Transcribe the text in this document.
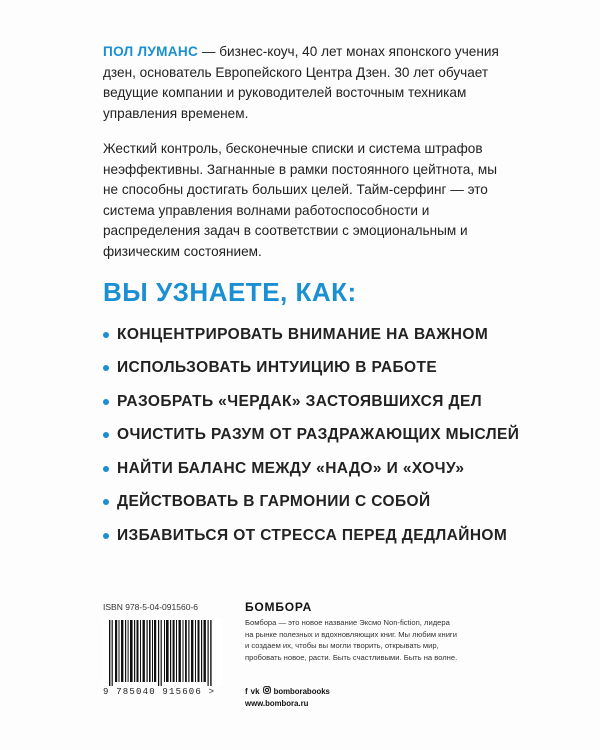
ПОЛ ЛУМАНС — бизнес-коуч, 40 лет монах японского учения дзен, основатель Европейского Центра Дзен. 30 лет обучает ведущие компании и руководителей восточным техникам управления временем.

Жесткий контроль, бесконечные списки и система штрафов неэффективны. Загнанные в рамки постоянного цейтнота, мы не способны достигать больших целей. Тайм-серфинг — это система управления волнами работоспособности и распределения задач в соответствии с эмоциональным и физическим состоянием.

ВЫ УЗНАЕТЕ, КАК:
КОНЦЕНТРИРОВАТЬ ВНИМАНИЕ НА ВАЖНОМ
ИСПОЛЬЗОВАТЬ ИНТУИЦИЮ В РАБОТЕ
РАЗОБРАТЬ «ЧЕРДАК» ЗАСТОЯВШИХСЯ ДЕЛ
ОЧИСТИТЬ РАЗУМ ОТ РАЗДРАЖАЮЩИХ МЫСЛЕЙ
НАЙТИ БАЛАНС МЕЖДУ «НАДО» И «ХОЧУ»
ДЕЙСТВОВАТЬ В ГАРМОНИИ С СОБОЙ
ИЗБАВИТЬСЯ ОТ СТРЕССА ПЕРЕД ДЕДЛАЙНОМ
ISBN 978-5-04-091560-6
9 785040 915606 >
БОМБОРА
Бомбора — это новое название Эксмо Non-fiction, лидера на рынке полезных и вдохновляющих книг. Мы любим книги и создаем их, чтобы вы могли творить, открывать мир, пробовать новое, расти. Быть счастливыми. Быть на волне.
f vk bomborabooks
www.bombora.ru
